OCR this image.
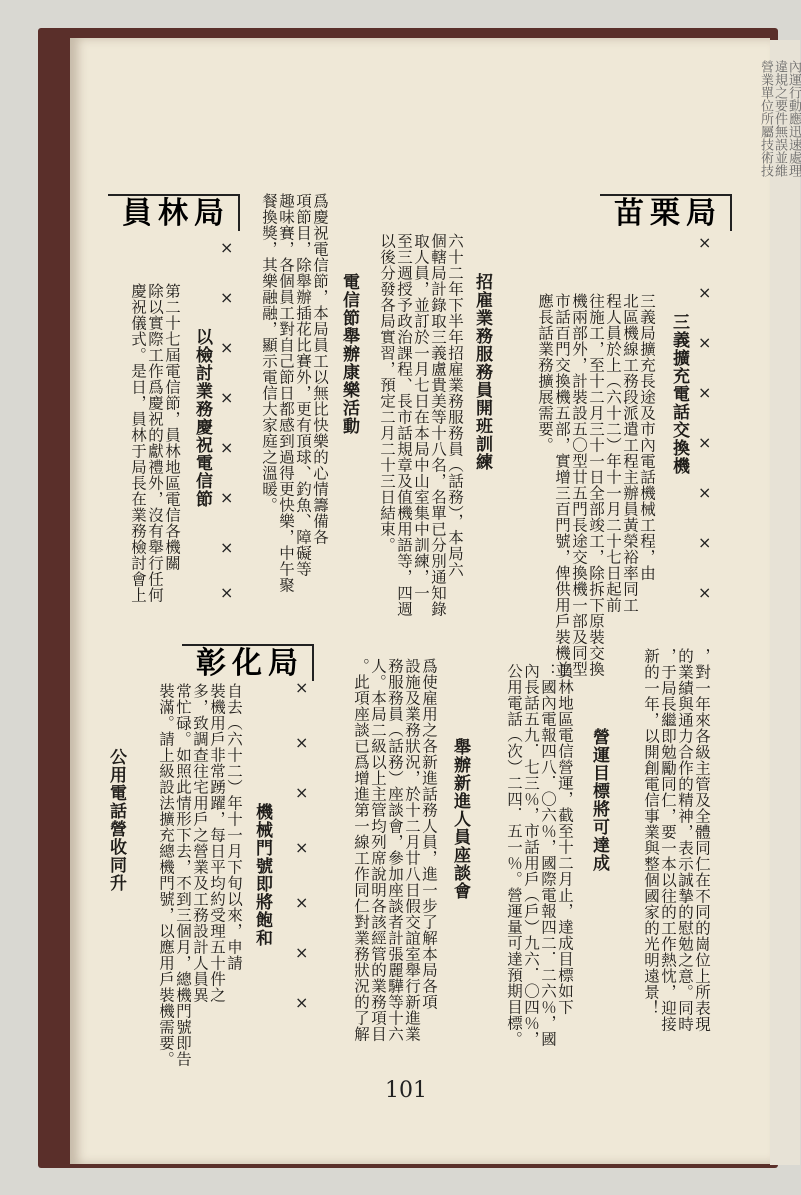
苗栗局
三義擴充電話交換機
三義局擴充長途及市內電話機械工程，由
北區機線工務段派遣工程主辦員黃榮裕率同工
程人員於上（六十二）年十一月二十七日起前
往施工，至十二月三十一日全部竣工，除拆下原裝交換
機兩部外，計裝設五〇型廿五門長途交換機一部及同型
市話百門交換機五部，實增三百門號，俾供用戶裝機並
應長話業務擴展需要。
招雇業務服務員開班訓練
六十二年下半年招雇業務服務員（話務），本局六
個轄局計錄取三義盧貴美等十八名，名單已分別通知錄
取人員，並訂於一月七日在本局中山室集中訓練，一
至三週授予政治課程、長市話規章及值機用語等，四週
以後分發各局實習，預定二月二十三日結束。
電信節舉辦康樂活動
爲慶祝電信節，本局員工以無比快樂的心情籌備各
項節目，除舉辦插花比賽外，更有頂球、釣魚、障礙等
趣味賽，各個員工對自己節日都感到過得更快樂，中午聚
餐換獎，其樂融融，顯示電信大家庭之溫暖。
員林局
以檢討業務慶祝電信節
第二十七屆電信節，員林地區電信各機關
除以實際工作爲慶祝的獻禮外，沒有舉行任何
慶祝儀式。是日，員林于局長在業務檢討會上
，對一年來各級主管及全體同仁在不同的崗位上所表現
的業績與通力合作的精神，表示誠摯的慰勉之意。同時
，于局長繼即勉勵同仁，要一本以往的工作熱忱，迎接
新的一年，以開創電信事業與整個國家的光明遠景！
營運目標將可達成
員林地區電信營運，截至十二月止，達成目標如下
：國內電報四八．〇六％，國際電報四二．二六％，國
內長話五九．七三％，市話用戶（戶）九六．〇四％，
公用電話（次）二四．五一％。營運量可達預期目標。
舉辦新進人員座談會
爲使雇用之各新進話務人員，進一步了解本局各項
設施及業務狀況，於十二月廿八日假交誼室舉行新進業
務服務員（話務）座談會，參加座談者計張麗驊等十六
人。本局二級以上主管均列席說明各該經管的業務項目
。此項座談已爲增進第一線工作同仁對業務狀況的了解
彰化局
機械門號即將飽和
自去（六十二）年十一月下旬以來，申請
裝機用戶非常踴躍，每日平均約受理五十件之
多，致調查往宅用戶之營業及工務設計人員異
常忙碌。如照此情形下去，不到三個月，總機門號即告
裝滿。請上級設法擴充總機門號，以應用戶裝機需要。
公用電話營收同升
×
×
×
×
×
×
×
×
×
×
×
×
×
×
×
×
×
×
×
×
×
×
×
101
內運行動應迅速處理
違規之要件無誤並維
營業單位所屬技術技
